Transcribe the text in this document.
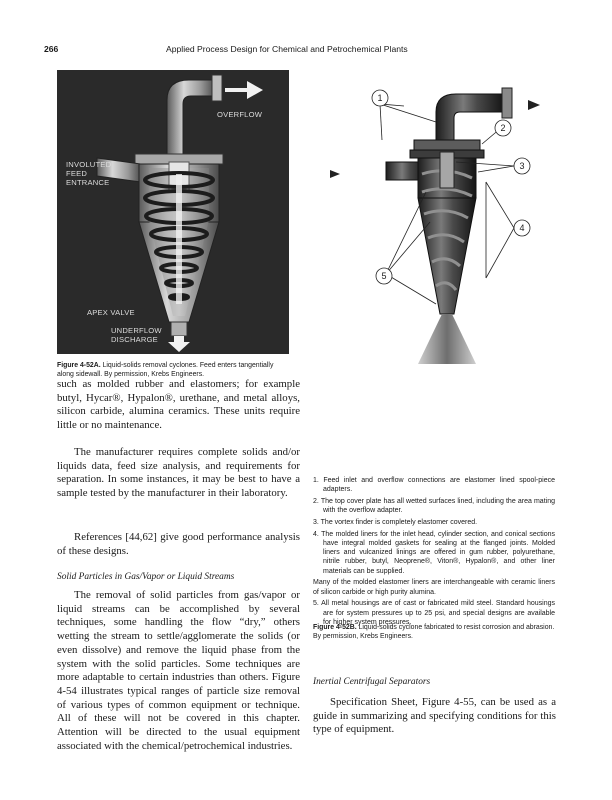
266	Applied Process Design for Chemical and Petrochemical Plants
OVERFLOW
INVOLUTED
FEED
ENTRANCE
APEX VALVE
UNDERFLOW
DISCHARGE
Figure 4-52A. Liquid-solids removal cyclones. Feed enters tangentially along sidewall. By permission, Krebs Engineers.
1
2
3
4
5
such as molded rubber and elastomers; for example butyl, Hycar®, Hypalon®, urethane, and metal alloys, silicon carbide, alumina ceramics. These units require little or no maintenance.
The manufacturer requires complete solids and/or liquids data, feed size analysis, and requirements for separation. In some instances, it may be best to have a sample tested by the manufacturer in their laboratory.
References [44,62] give good performance analysis of these designs.
Solid Particles in Gas/Vapor or Liquid Streams
The removal of solid particles from gas/vapor or liquid streams can be accomplished by several techniques, some handling the flow “dry,” others wetting the stream to settle/agglomerate the solids (or even dissolve) and remove the liquid phase from the system with the solid particles. Some techniques are more adaptable to certain industries than others. Figure 4-54 illustrates typical ranges of particle size removal of various types of common equipment or technique. All of these will not be covered in this chapter. Attention will be directed to the usual equipment associated with the chemical/petrochemical industries.
1. Feed inlet and overflow connections are elastomer lined spool-piece adapters.
2. The top cover plate has all wetted surfaces lined, including the area mating with the overflow adapter.
3. The vortex finder is completely elastomer covered.
4. The molded liners for the inlet head, cylinder section, and conical sections have integral molded gaskets for sealing at the flanged joints. Molded liners and vulcanized linings are offered in gum rubber, polyurethane, nitrile rubber, butyl, Neoprene®, Viton®, Hypalon®, and other liner materials can be supplied.
Many of the molded elastomer liners are interchangeable with ceramic liners of silicon carbide or high purity alumina.
5. All metal housings are of cast or fabricated mild steel. Standard housings are for system pressures up to 25 psi, and special designs are available for higher system pressures.
Figure 4-52B. Liquid-solids cyclone fabricated to resist corrosion and abrasion. By permission, Krebs Engineers.
Inertial Centrifugal Separators
Specification Sheet, Figure 4-55, can be used as a guide in summarizing and specifying conditions for this type of equipment.
